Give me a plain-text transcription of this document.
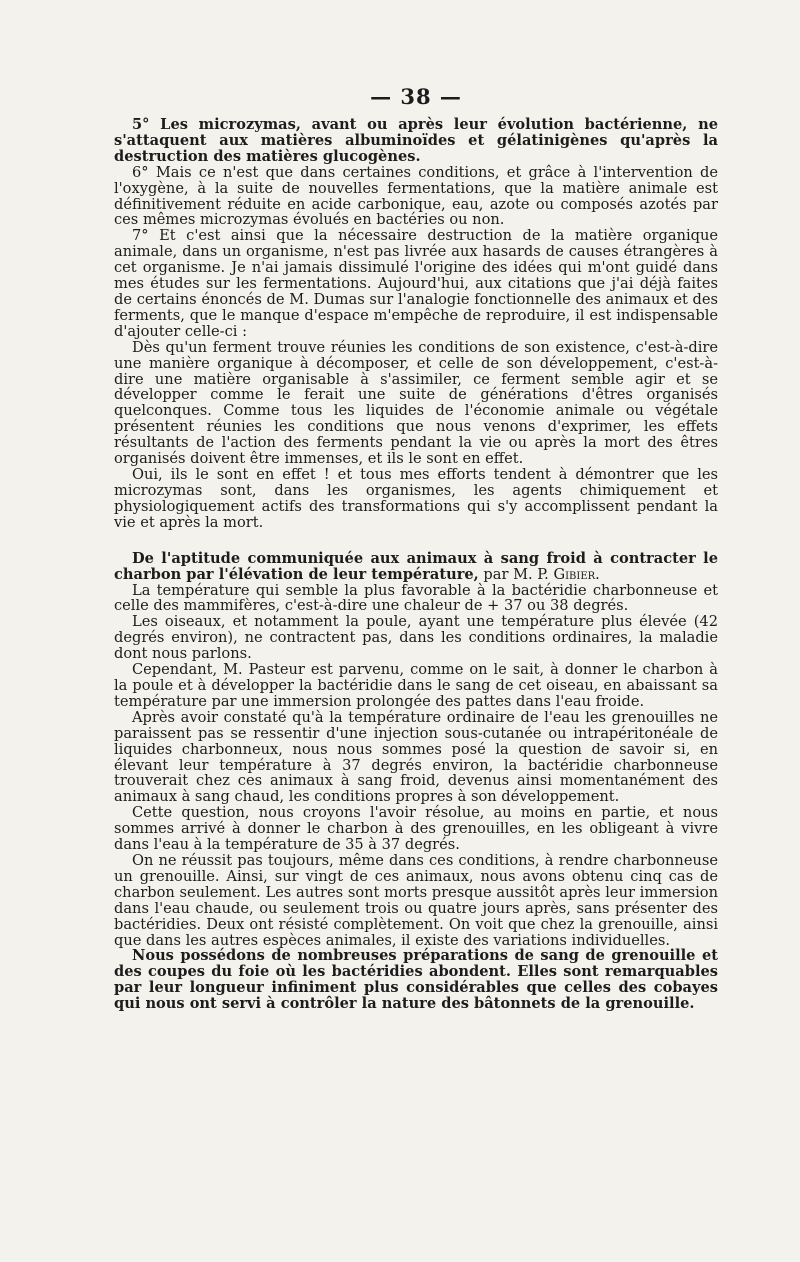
— 38 —

5° Les microzymas, avant ou après leur évolution bactérienne, ne s'attaquent aux matières albuminoïdes et gélatinigènes qu'après la destruction des matières glucogènes.

6° Mais ce n'est que dans certaines conditions, et grâce à l'intervention de l'oxygène, à la suite de nouvelles fermentations, que la matière animale est définitivement réduite en acide carbonique, eau, azote ou composés azotés par ces mêmes microzymas évolués en bactéries ou non.

7° Et c'est ainsi que la nécessaire destruction de la matière organique animale, dans un organisme, n'est pas livrée aux hasards de causes étrangères à cet organisme. Je n'ai jamais dissimulé l'origine des idées qui m'ont guidé dans mes études sur les fermentations. Aujourd'hui, aux citations que j'ai déjà faites de certains énoncés de M. Dumas sur l'analogie fonctionnelle des animaux et des ferments, que le manque d'espace m'empêche de reproduire, il est indispensable d'ajouter celle-ci :

Dès qu'un ferment trouve réunies les conditions de son existence, c'est-à-dire une manière organique à décomposer, et celle de son développement, c'est-à-dire une matière organisable à s'assimiler, ce ferment semble agir et se développer comme le ferait une suite de générations d'êtres organisés quelconques. Comme tous les liquides de l'économie animale ou végétale présentent réunies les conditions que nous venons d'exprimer, les effets résultants de l'action des ferments pendant la vie ou après la mort des êtres organisés doivent être immenses, et ils le sont en effet.

Oui, ils le sont en effet ! et tous mes efforts tendent à démontrer que les microzymas sont, dans les organismes, les agents chimiquement et physiologiquement actifs des transformations qui s'y accomplissent pendant la vie et après la mort.

De l'aptitude communiquée aux animaux à sang froid à contracter le charbon par l'élévation de leur température, par M. P. Gibier.

La température qui semble la plus favorable à la bactéridie charbonneuse et celle des mammifères, c'est-à-dire une chaleur de + 37 ou 38 degrés.

Les oiseaux, et notamment la poule, ayant une température plus élevée (42 degrés environ), ne contractent pas, dans les conditions ordinaires, la maladie dont nous parlons.

Cependant, M. Pasteur est parvenu, comme on le sait, à donner le charbon à la poule et à développer la bactéridie dans le sang de cet oiseau, en abaissant sa température par une immersion prolongée des pattes dans l'eau froide.

Après avoir constaté qu'à la température ordinaire de l'eau les grenouilles ne paraissent pas se ressentir d'une injection sous-cutanée ou intrapéritonéale de liquides charbonneux, nous nous sommes posé la question de savoir si, en élevant leur température à 37 degrés environ, la bactéridie charbonneuse trouverait chez ces animaux à sang froid, devenus ainsi momentanément des animaux à sang chaud, les conditions propres à son développement.

Cette question, nous croyons l'avoir résolue, au moins en partie, et nous sommes arrivé à donner le charbon à des grenouilles, en les obligeant à vivre dans l'eau à la température de 35 à 37 degrés.

On ne réussit pas toujours, même dans ces conditions, à rendre charbonneuse un grenouille. Ainsi, sur vingt de ces animaux, nous avons obtenu cinq cas de charbon seulement. Les autres sont morts presque aussitôt après leur immersion dans l'eau chaude, ou seulement trois ou quatre jours après, sans présenter des bactéridies. Deux ont résisté complètement. On voit que chez la grenouille, ainsi que dans les autres espèces animales, il existe des variations individuelles.

Nous possédons de nombreuses préparations de sang de grenouille et des coupes du foie où les bactéridies abondent. Elles sont remarquables par leur longueur infiniment plus considérables que celles des cobayes qui nous ont servi à contrôler la nature des bâtonnets de la grenouille.
